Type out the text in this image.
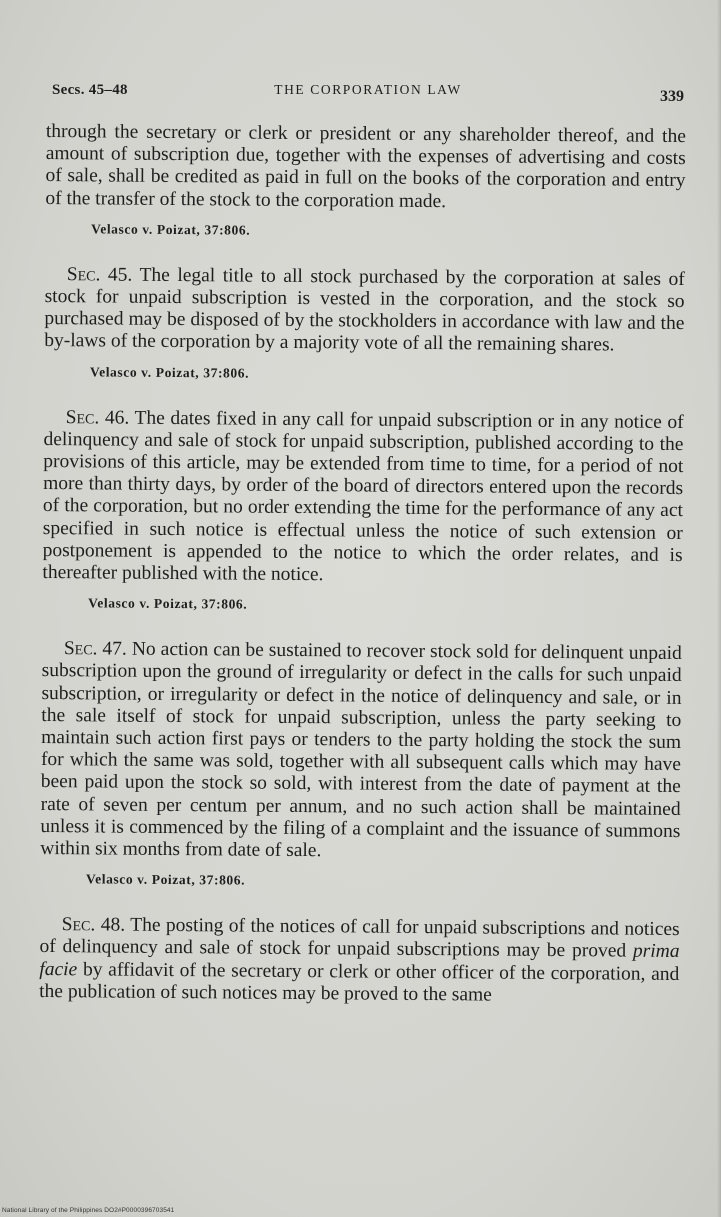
Secs. 45–48	THE CORPORATION LAW	339

through the secretary or clerk or president or any shareholder thereof, and the amount of subscription due, together with the expenses of advertising and costs of sale, shall be credited as paid in full on the books of the corporation and entry of the transfer of the stock to the corporation made.

Velasco v. Poizat, 37:806.

Sec. 45. The legal title to all stock purchased by the corporation at sales of stock for unpaid subscription is vested in the corporation, and the stock so purchased may be disposed of by the stockholders in accordance with law and the by-laws of the corporation by a majority vote of all the remaining shares.

Velasco v. Poizat, 37:806.

Sec. 46. The dates fixed in any call for unpaid subscription or in any notice of delinquency and sale of stock for unpaid subscription, published according to the provisions of this article, may be extended from time to time, for a period of not more than thirty days, by order of the board of directors entered upon the records of the corporation, but no order extending the time for the performance of any act specified in such notice is effectual unless the notice of such extension or postponement is appended to the notice to which the order relates, and is thereafter published with the notice.

Velasco v. Poizat, 37:806.

Sec. 47. No action can be sustained to recover stock sold for delinquent unpaid subscription upon the ground of irregularity or defect in the calls for such unpaid subscription, or irregularity or defect in the notice of delinquency and sale, or in the sale itself of stock for unpaid subscription, unless the party seeking to maintain such action first pays or tenders to the party holding the stock the sum for which the same was sold, together with all subsequent calls which may have been paid upon the stock so sold, with interest from the date of payment at the rate of seven per centum per annum, and no such action shall be maintained unless it is commenced by the filing of a complaint and the issuance of summons within six months from date of sale.

Velasco v. Poizat, 37:806.

Sec. 48. The posting of the notices of call for unpaid subscriptions and notices of delinquency and sale of stock for unpaid subscriptions may be proved prima facie by affidavit of the secretary or clerk or other officer of the corporation, and the publication of such notices may be proved to the same

National Library of the Philippines DO2#P0000396703541
